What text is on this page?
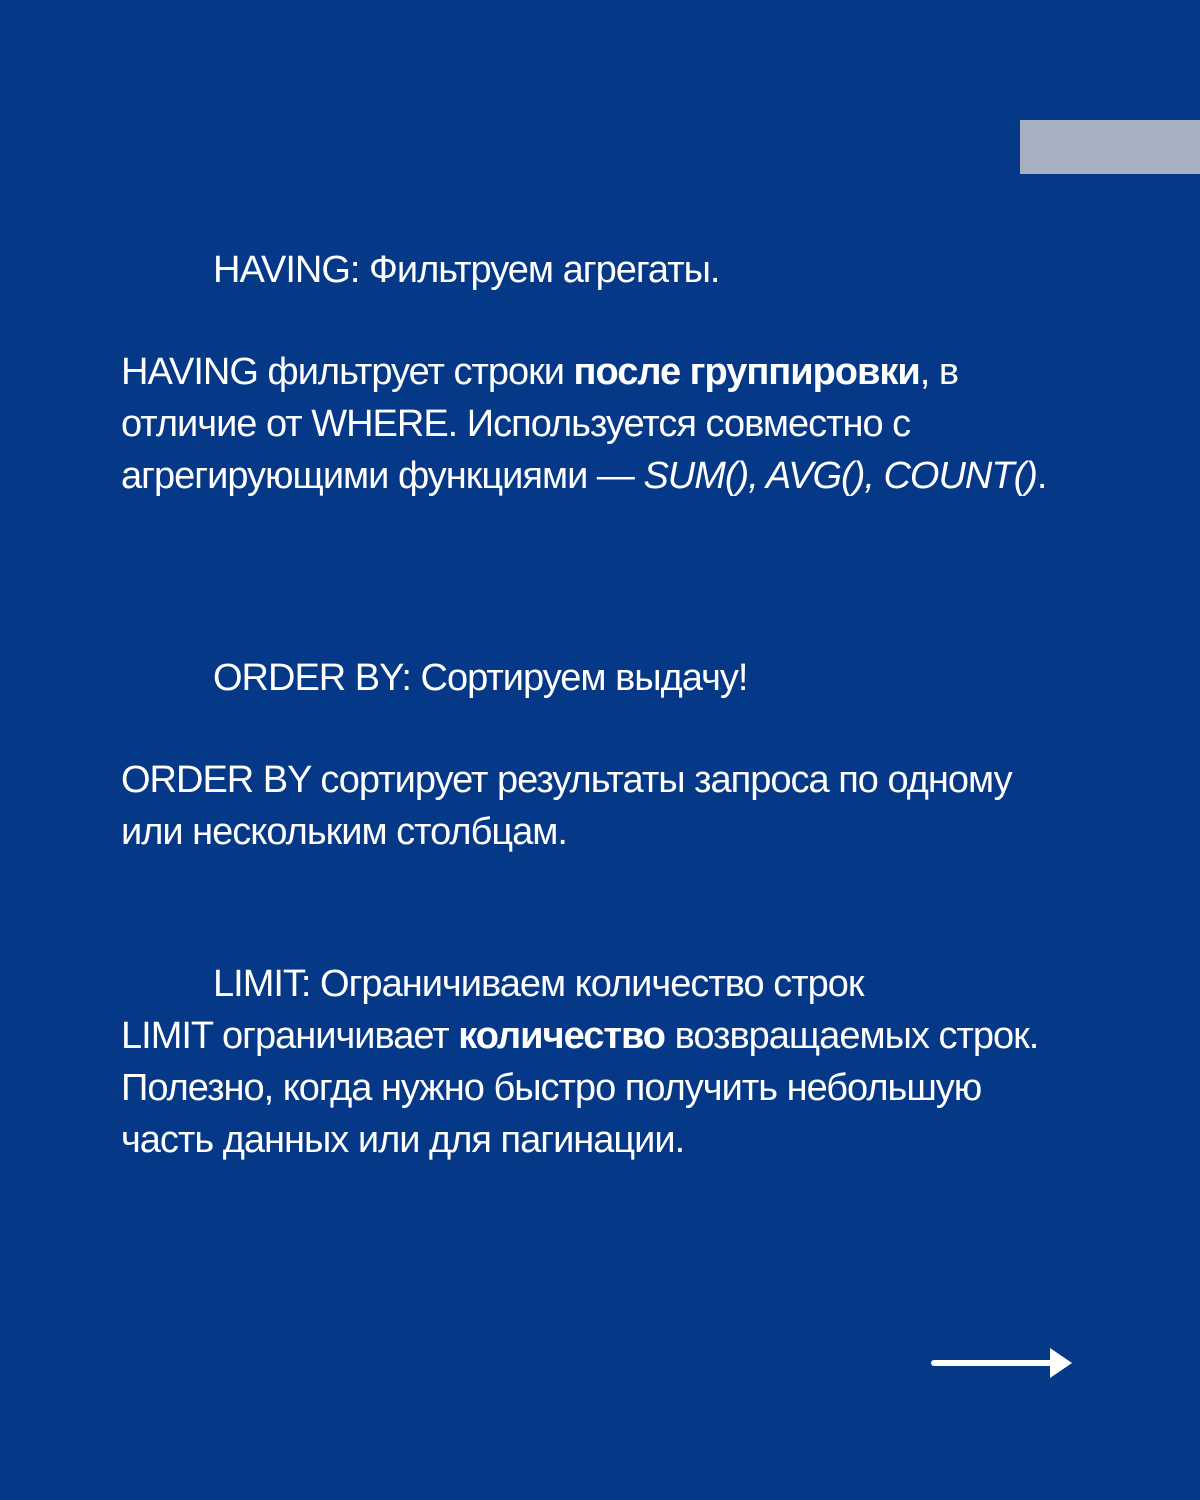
HAVING: Фильтруем агрегаты.
HAVING фильтрует строки после группировки, в отличие от WHERE. Используется совместно с агрегирующими функциями — SUM(), AVG(), COUNT().
ORDER BY: Сортируем выдачу!
ORDER BY сортирует результаты запроса по одному или нескольким столбцам.
LIMIT: Ограничиваем количество строк
LIMIT ограничивает количество возвращаемых строк. Полезно, когда нужно быстро получить небольшую часть данных или для пагинации.
